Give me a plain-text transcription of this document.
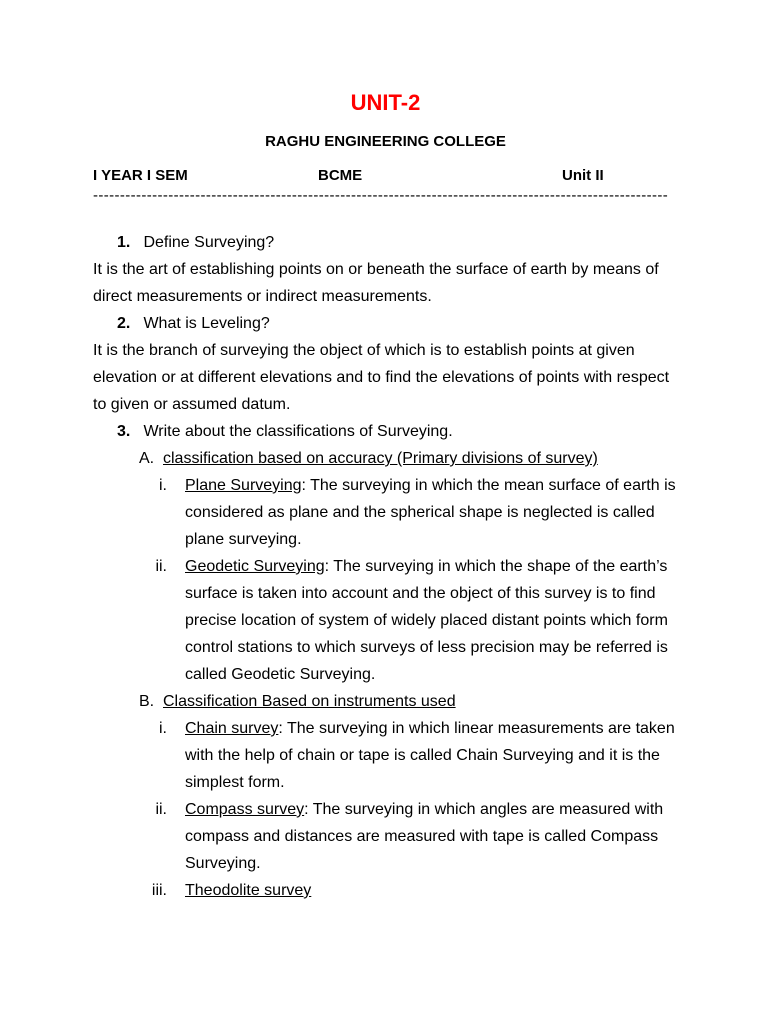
UNIT-2
RAGHU ENGINEERING COLLEGE
I YEAR I SEM	BCME	Unit II
-----------------------------------------------------------------------------------------------------------
1. Define Surveying?
It is the art of establishing points on or beneath the surface of earth by means of direct measurements or indirect measurements.
2. What is Leveling?
It is the branch of surveying the object of which is to establish points at given elevation or at different elevations and to find the elevations of points with respect to given or assumed datum.
3. Write about the classifications of Surveying.
A. classification based on accuracy (Primary divisions of survey)
i. Plane Surveying: The surveying in which the mean surface of earth is considered as plane and the spherical shape is neglected is called plane surveying.
ii. Geodetic Surveying: The surveying in which the shape of the earth’s surface is taken into account and the object of this survey is to find precise location of system of widely placed distant points which form control stations to which surveys of less precision may be referred is called Geodetic Surveying.
B. Classification Based on instruments used
i. Chain survey: The surveying in which linear measurements are taken with the help of chain or tape is called Chain Surveying and it is the simplest form.
ii. Compass survey: The surveying in which angles are measured with compass and distances are measured with tape is called Compass Surveying.
iii. Theodolite survey
